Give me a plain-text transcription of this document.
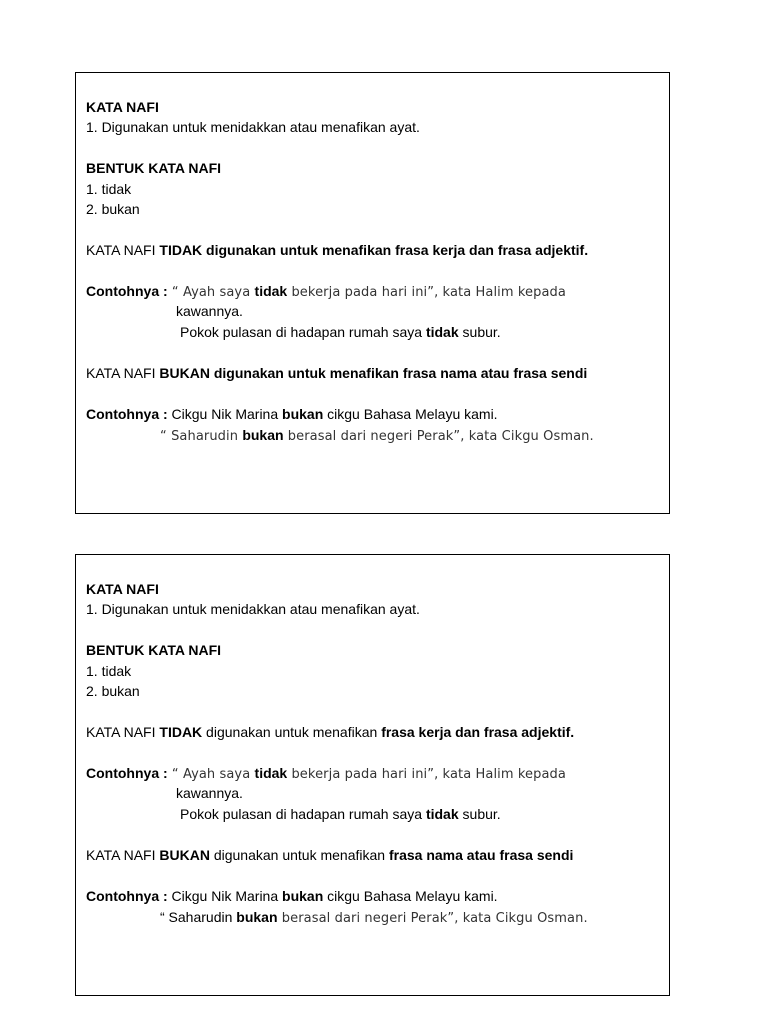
KATA NAFI
1. Digunakan untuk menidakkan atau menafikan ayat.
BENTUK KATA NAFI
1. tidak
2. bukan
KATA NAFI TIDAK digunakan untuk menafikan frasa kerja dan frasa adjektif.
Contohnya : “ Ayah saya tidak bekerja pada hari ini”, kata Halim kepada
kawannya.
Pokok pulasan di hadapan rumah saya tidak subur.
KATA NAFI BUKAN digunakan untuk menafikan frasa nama atau frasa sendi
Contohnya : Cikgu Nik Marina bukan cikgu Bahasa Melayu kami.
“ Saharudin bukan berasal dari negeri Perak”, kata Cikgu Osman.
KATA NAFI
1. Digunakan untuk menidakkan atau menafikan ayat.
BENTUK KATA NAFI
1. tidak
2. bukan
KATA NAFI TIDAK digunakan untuk menafikan frasa kerja dan frasa adjektif.
Contohnya : “ Ayah saya tidak bekerja pada hari ini”, kata Halim kepada
kawannya.
Pokok pulasan di hadapan rumah saya tidak subur.
KATA NAFI BUKAN digunakan untuk menafikan frasa nama atau frasa sendi
Contohnya : Cikgu Nik Marina bukan cikgu Bahasa Melayu kami.
“ Saharudin bukan berasal dari negeri Perak”, kata Cikgu Osman.
